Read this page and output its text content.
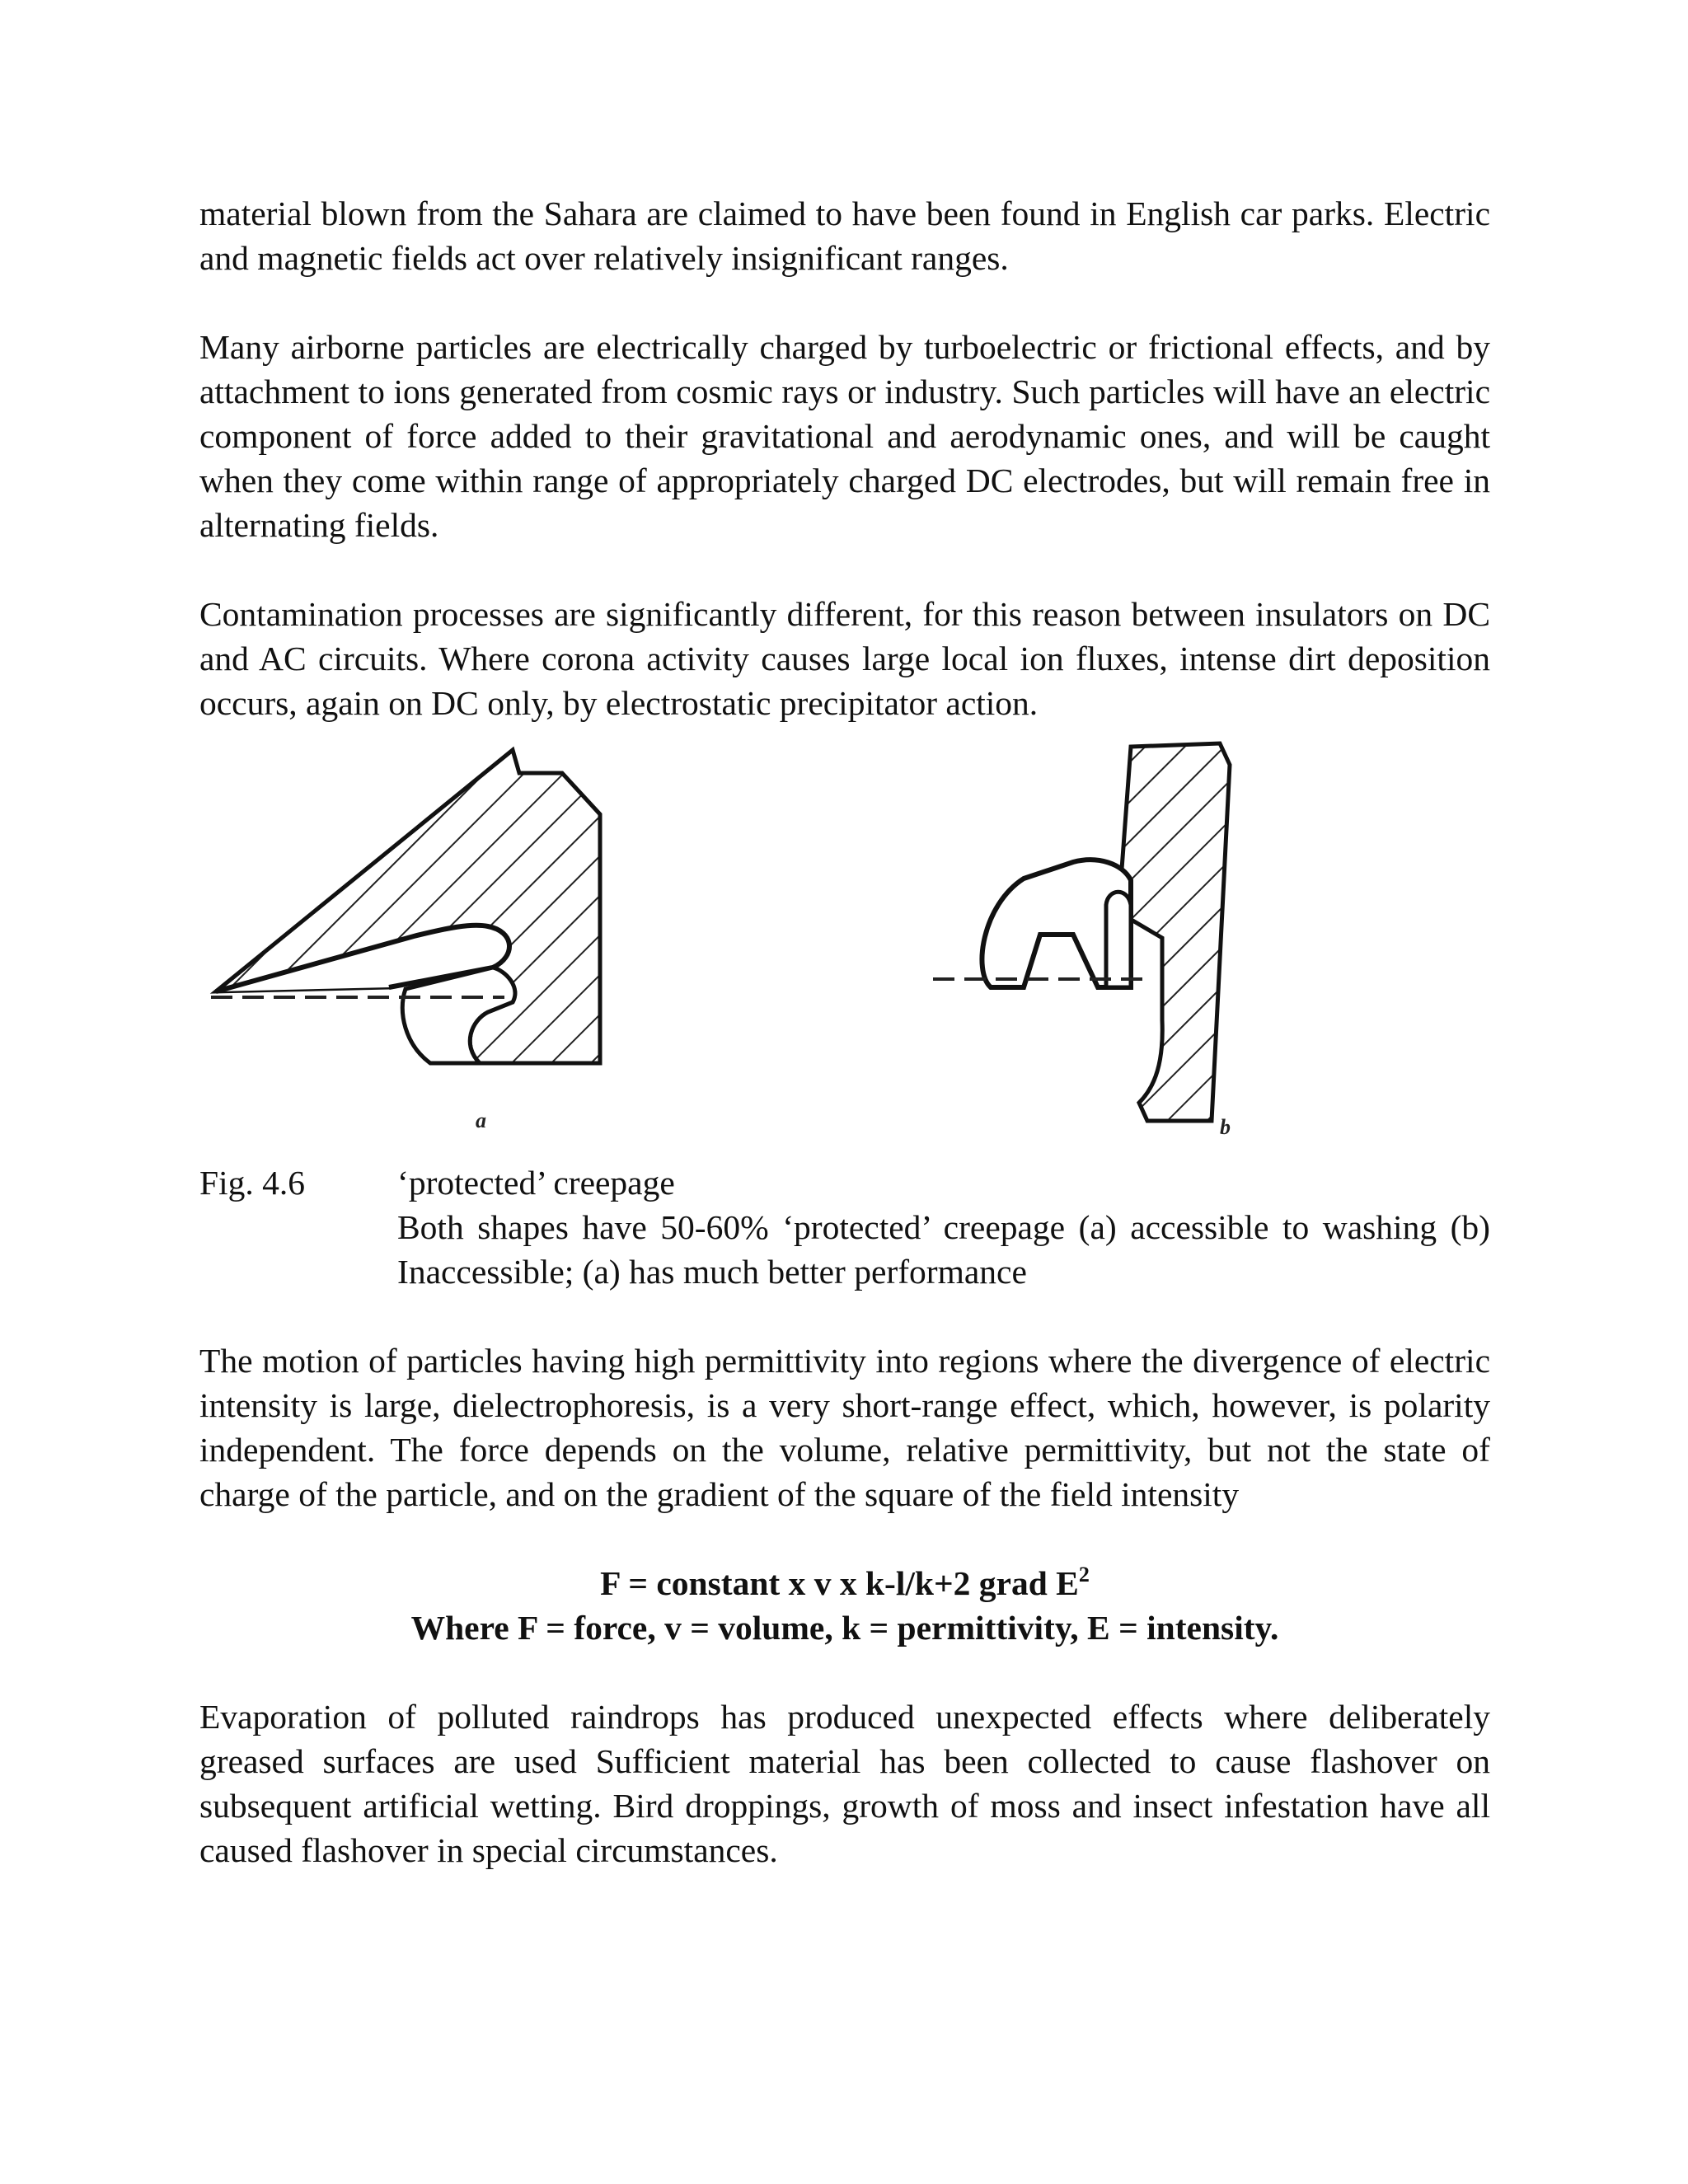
material blown from the Sahara are claimed to have been found in English car parks. Electric and magnetic fields act over relatively insignificant ranges.

Many airborne particles are electrically charged by turboelectric or frictional effects, and by attachment to ions generated from cosmic rays or industry. Such particles will have an electric component of force added to their gravitational and aerodynamic ones, and will be caught when they come within range of appropriately charged DC electrodes, but will remain free in alternating fields.

Contamination processes are significantly different, for this reason between insulators on DC and AC circuits. Where corona activity causes large local ion fluxes, intense dirt deposition occurs, again on DC only, by electrostatic precipitator action.

a	b
Fig. 4.6	‘protected’ creepage
Both shapes have 50-60% ‘protected’ creepage (a) accessible to washing (b) Inaccessible; (a) has much better performance

The motion of particles having high permittivity into regions where the divergence of electric intensity is large, dielectrophoresis, is a very short-range effect, which, however, is polarity independent. The force depends on the volume, relative permittivity, but not the state of charge of the particle, and on the gradient of the square of the field intensity

F = constant x v x k-l/k+2 grad $E^2$
Where F = force, v = volume, k = permittivity, E = intensity.

Evaporation of polluted raindrops has produced unexpected effects where deliberately greased surfaces are used Sufficient material has been collected to cause flashover on subsequent artificial wetting. Bird droppings, growth of moss and insect infestation have all caused flashover in special circumstances.
